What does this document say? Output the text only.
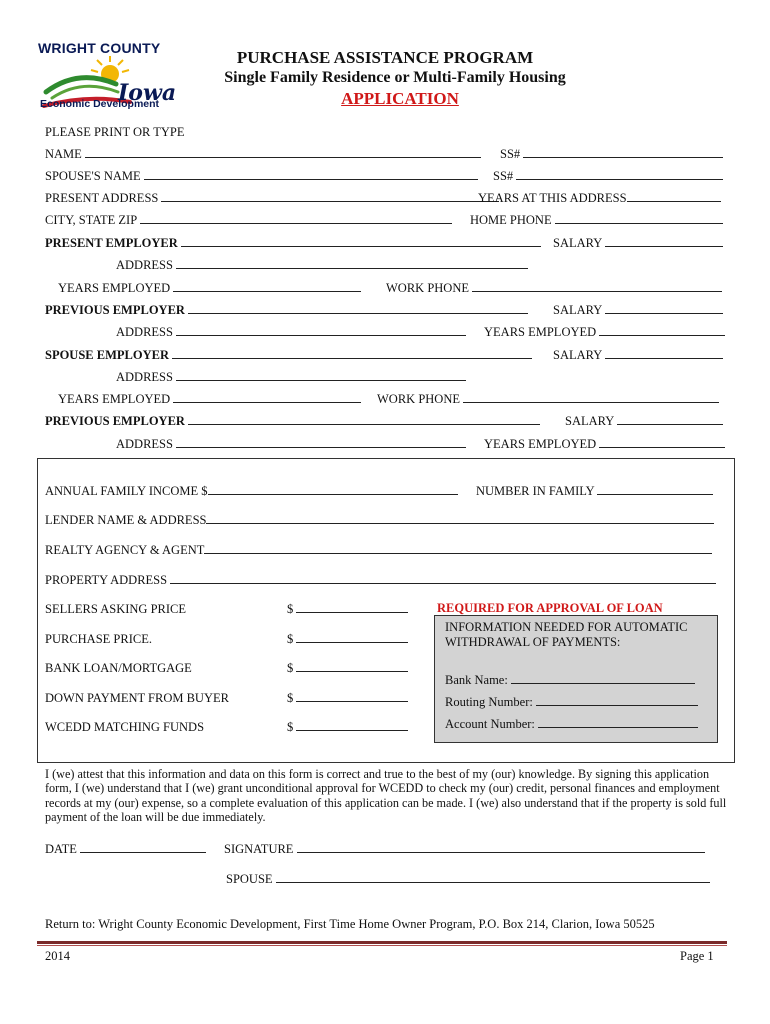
WRIGHT COUNTY
Iowa
Economic Development
PURCHASE ASSISTANCE PROGRAM
Single Family Residence or Multi-Family Housing
APPLICATION
PLEASE PRINT OR TYPE
NAME	SS#
SPOUSE'S NAME	SS#
PRESENT ADDRESS	YEARS AT THIS ADDRESS
CITY, STATE ZIP	HOME PHONE
PRESENT EMPLOYER	SALARY
ADDRESS
YEARS EMPLOYED	WORK PHONE
PREVIOUS EMPLOYER	SALARY
ADDRESS	YEARS EMPLOYED
SPOUSE EMPLOYER	SALARY
ADDRESS
YEARS EMPLOYED	WORK PHONE
PREVIOUS EMPLOYER	SALARY
ADDRESS	YEARS EMPLOYED
ANNUAL FAMILY INCOME $	NUMBER IN FAMILY
LENDER NAME & ADDRESS
REALTY AGENCY & AGENT
PROPERTY ADDRESS
SELLERS ASKING PRICE	$
PURCHASE PRICE.	$
BANK LOAN/MORTGAGE	$
DOWN PAYMENT FROM BUYER	$
WCEDD MATCHING FUNDS	$
REQUIRED FOR APPROVAL OF LOAN
INFORMATION NEEDED FOR AUTOMATIC
WITHDRAWAL OF PAYMENTS:
Bank Name:
Routing Number:
Account Number:
I (we) attest that this information and data on this form is correct and true to the best of my (our) knowledge. By signing this application form, I (we) understand that I (we) grant unconditional approval for WCEDD to check my (our) credit, personal finances and employment records at my (our) expense, so a complete evaluation of this application can be made. I (we) also understand that if the property is sold full payment of the loan will be due immediately.
DATE	SIGNATURE
SPOUSE
Return to: Wright County Economic Development, First Time Home Owner Program, P.O. Box 214, Clarion, Iowa 50525
2014	Page 1
